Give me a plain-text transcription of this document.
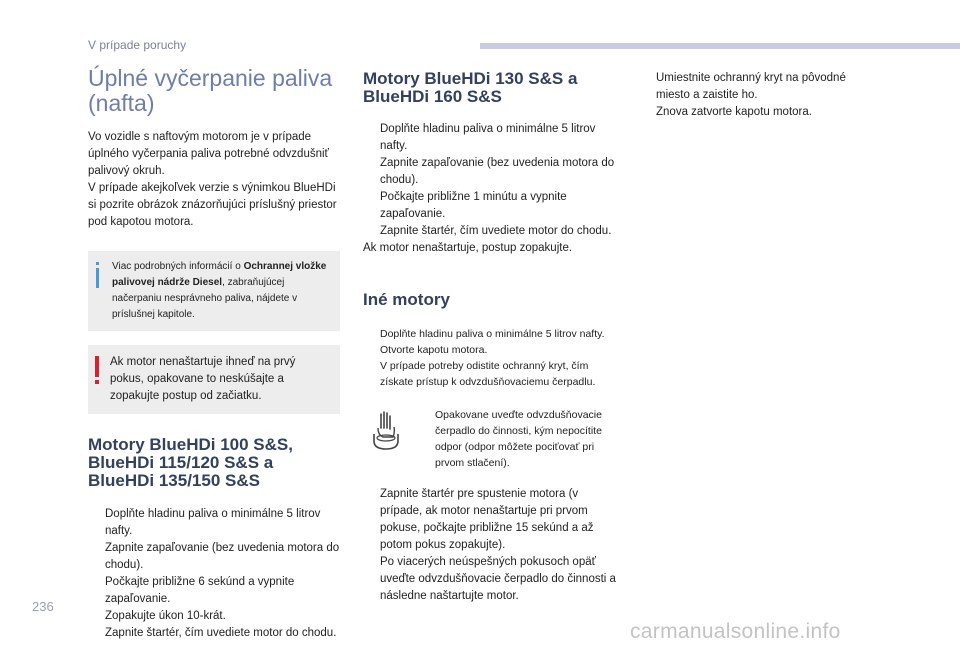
V prípade poruchy
Úplné vyčerpanie paliva (nafta)

Vo vozidle s naftovým motorom je v prípade úplného vyčerpania paliva potrebné odvzdušniť palivový okruh.

V prípade akejkoľvek verzie s výnimkou BlueHDi si pozrite obrázok znázorňujúci príslušný priestor pod kapotou motora.

Viac podrobných informácií o Ochrannej vložke palivovej nádrže Diesel, zabraňujúcej načerpaniu nesprávneho paliva, nájdete v príslušnej kapitole.

Ak motor nenaštartuje ihneď na prvý pokus, opakovane to neskúšajte a zopakujte postup od začiatku.

Motory BlueHDi 100 S&S, BlueHDi 115/120 S&S a BlueHDi 135/150 S&S
Doplňte hladinu paliva o minimálne 5 litrov nafty.
Zapnite zapaľovanie (bez uvedenia motora do chodu).
Počkajte približne 6 sekúnd a vypnite zapaľovanie.
Zopakujte úkon 10-krát.
Zapnite štartér, čím uvediete motor do chodu.
Motory BlueHDi 130 S&S a BlueHDi 160 S&S
Doplňte hladinu paliva o minimálne 5 litrov nafty.
Zapnite zapaľovanie (bez uvedenia motora do chodu).
Počkajte približne 1 minútu a vypnite zapaľovanie.
Zapnite štartér, čím uvediete motor do chodu.

Ak motor nenaštartuje, postup zopakujte.

Iné motory
Doplňte hladinu paliva o minimálne 5 litrov nafty.
Otvorte kapotu motora.
V prípade potreby odistite ochranný kryt, čím získate prístup k odvzdušňovaciemu čerpadlu.
Opakovane uveďte odvzdušňovacie čerpadlo do činnosti, kým nepocítite odpor (odpor môžete pociťovať pri prvom stlačení).
Zapnite štartér pre spustenie motora (v prípade, ak motor nenaštartuje pri prvom pokuse, počkajte približne 15 sekúnd a až potom pokus zopakujte).
Po viacerých neúspešných pokusoch opäť uveďte odvzdušňovacie čerpadlo do činnosti a následne naštartujte motor.
Umiestnite ochranný kryt na pôvodné miesto a zaistite ho.
Znova zatvorte kapotu motora.
236
carmanualsonline.info
